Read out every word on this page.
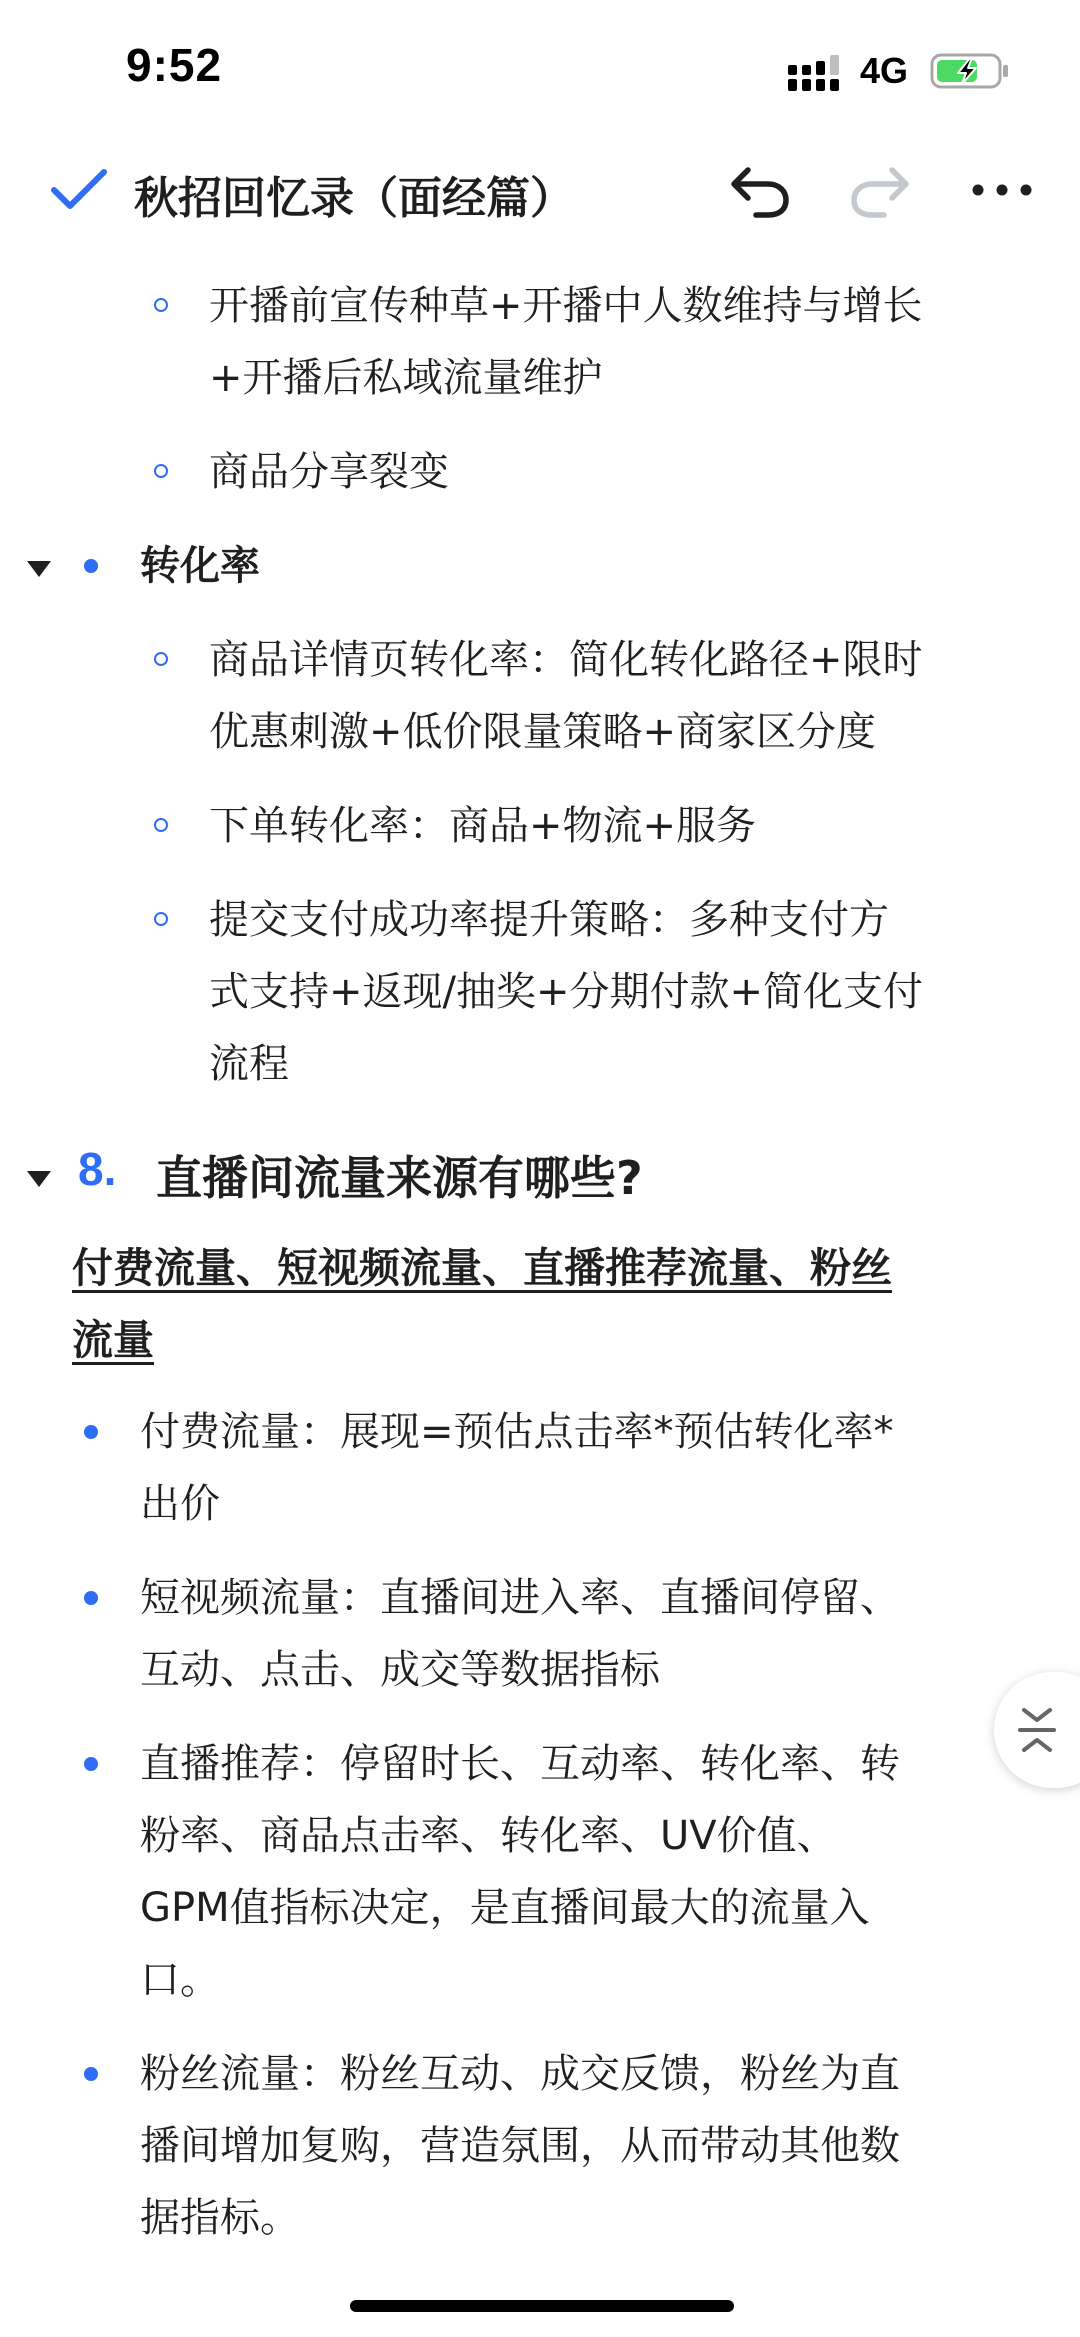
9:52	4G
秋招回忆录（面经篇）
开播前宣传种草+开播中人数维持与增长
+开播后私域流量维护
商品分享裂变
转化率
商品详情页转化率：简化转化路径+限时
优惠刺激+低价限量策略+商家区分度
下单转化率：商品+物流+服务
提交支付成功率提升策略：多种支付方
式支持+返现/抽奖+分期付款+简化支付
流程
8. 直播间流量来源有哪些?
付费流量、短视频流量、直播推荐流量、粉丝
流量
付费流量：展现=预估点击率*预估转化率*
出价
短视频流量：直播间进入率、直播间停留、
互动、点击、成交等数据指标
直播推荐：停留时长、互动率、转化率、转
粉率、商品点击率、转化率、UV价值、
GPM值指标决定，是直播间最大的流量入
口。
粉丝流量：粉丝互动、成交反馈，粉丝为直
播间增加复购，营造氛围，从而带动其他数
据指标。
